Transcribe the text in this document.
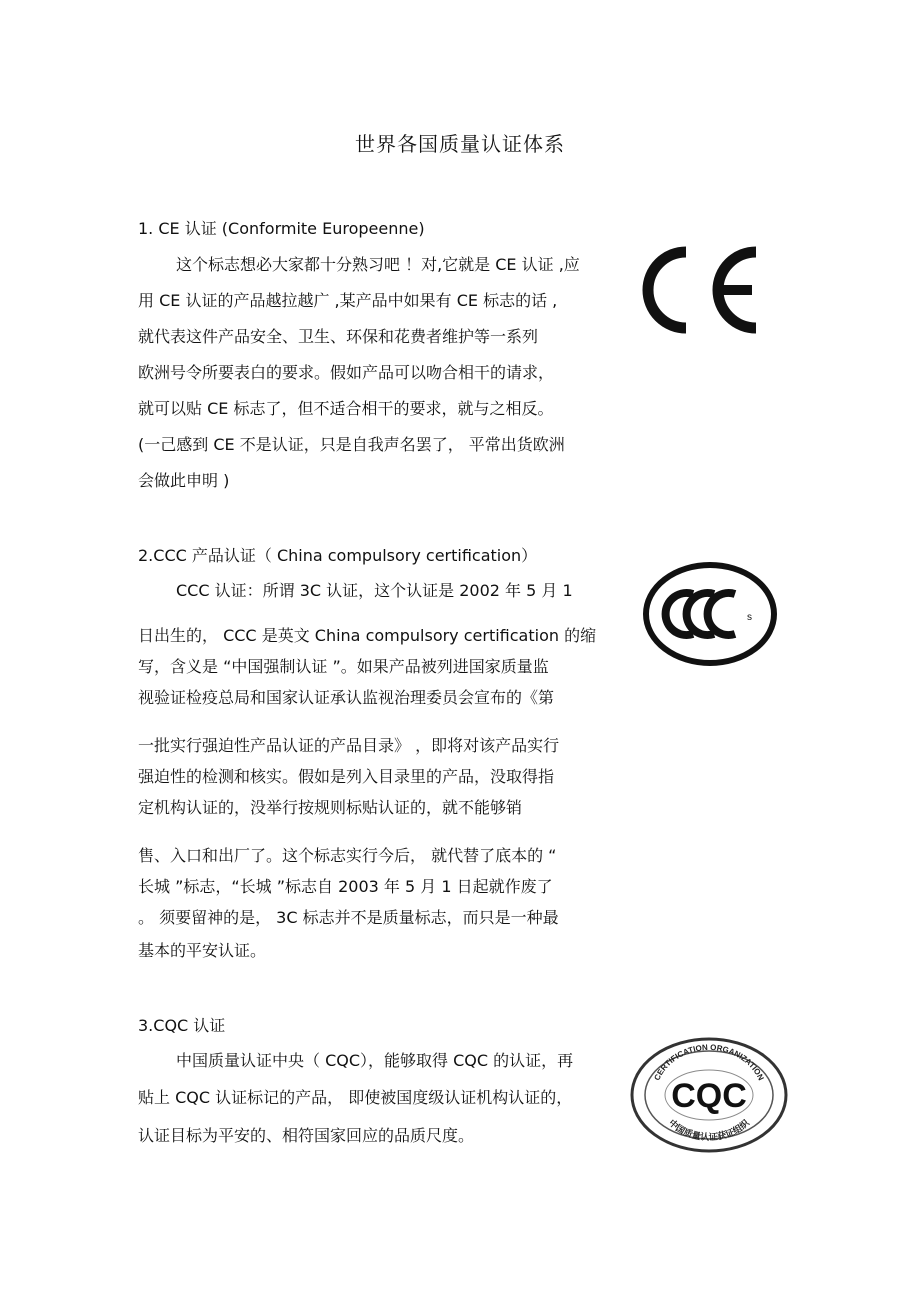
世界各国质量认证体系
1. CE 认证 (Conformite Europeenne)
这个标志想必大家都十分熟习吧 ！对,它就是 CE 认证 ,应
用 CE 认证的产品越拉越广 ,某产品中如果有 CE 标志的话 ,
就代表这件产品安全、卫生、环保和花费者维护等一系列
欧洲号令所要表白的要求。假如产品可以吻合相干的请求，
就可以贴 CE 标志了，但不适合相干的要求，就与之相反。
(一己感到 CE 不是认证，只是自我声名罢了， 平常出货欧洲
会做此申明 )
2.CCC 产品认证（ China compulsory certification）
CCC 认证：所谓 3C 认证，这个认证是 2002 年 5 月 1
日出生的， CCC 是英文 China compulsory certification 的缩
写，含义是 “中国强制认证 ”。如果产品被列进国家质量监
视验证检疫总局和国家认证承认监视治理委员会宣布的《第
一批实行强迫性产品认证的产品目录》 ，即将对该产品实行
强迫性的检测和核实。假如是列入目录里的产品，没取得指
定机构认证的，没举行按规则标贴认证的，就不能够销
售、入口和出厂了。这个标志实行今后， 就代替了底本的 “
长城 ”标志，“长城 ”标志自 2003 年 5 月 1 日起就作废了
。 须要留神的是， 3C 标志并不是质量标志，而只是一种最
基本的平安认证。
s
3.CQC 认证
中国质量认证中央（ CQC），能够取得 CQC 的认证，再
贴上 CQC 认证标记的产品， 即使被国度级认证机构认证的，
认证目标为平安的、相符国家回应的品质尺度。
CERTIFICATION ORGANIZATION
CQC
中国质量认证获证组织
